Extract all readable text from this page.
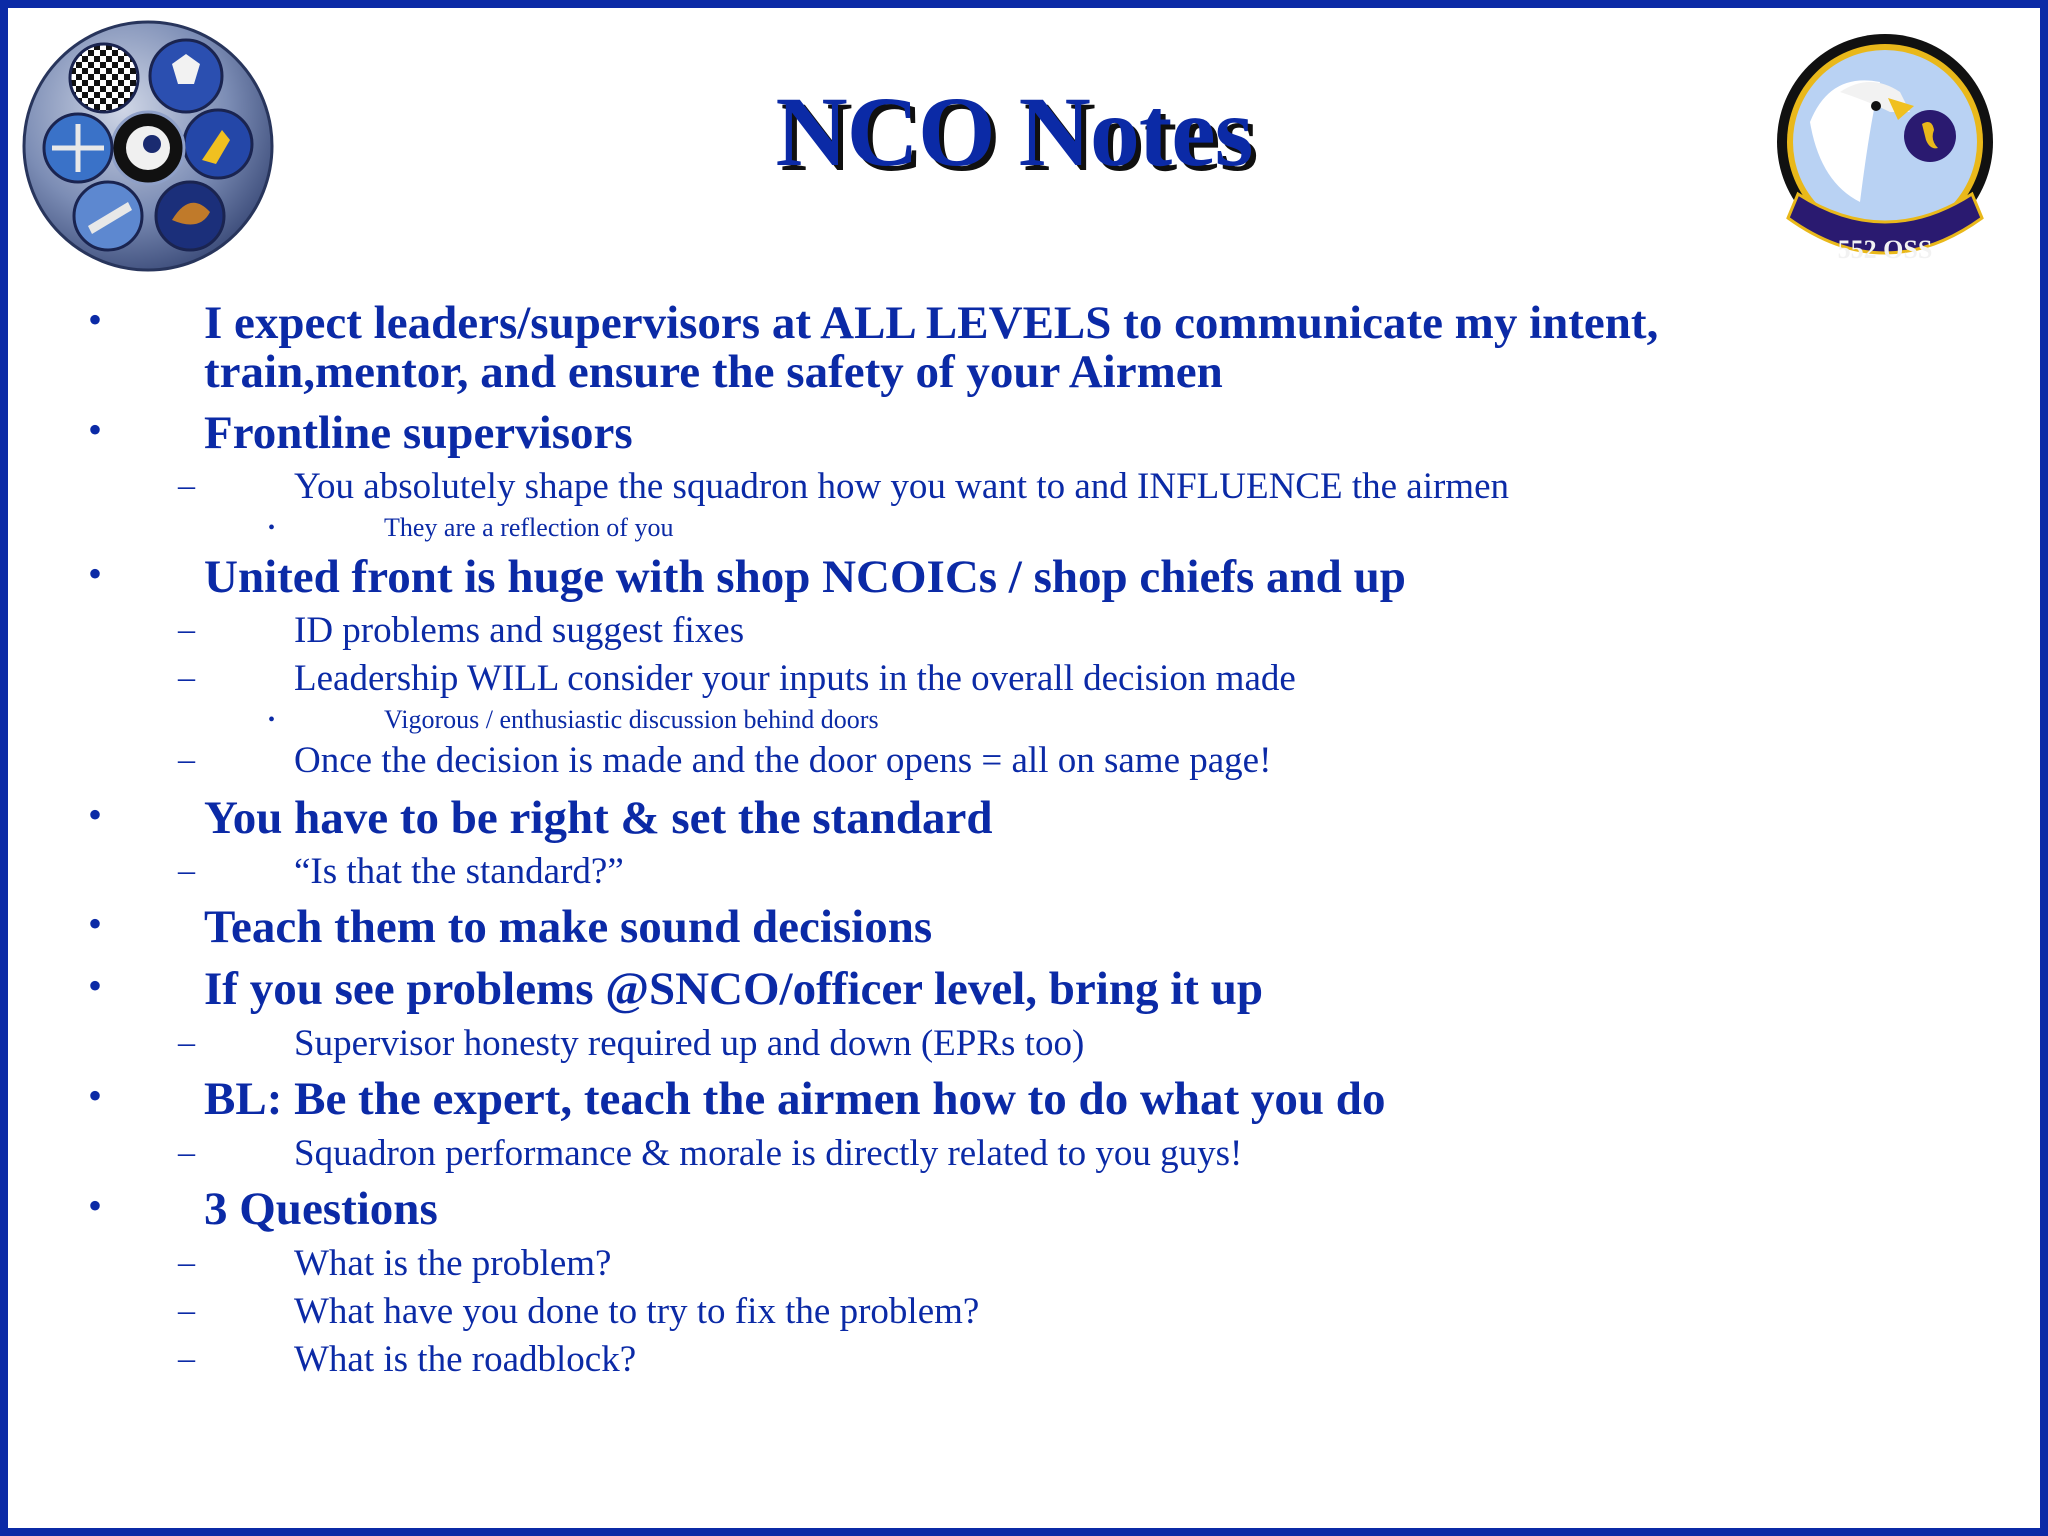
552 OSS
NCO Notes
• I expect leaders/supervisors at ALL LEVELS to communicate my intent,
train,mentor, and ensure the safety of your Airmen
• Frontline supervisors
–	You absolutely shape the squadron how you want to and INFLUENCE the airmen
•	They are a reflection of you
• United front is huge with shop NCOICs / shop chiefs and up
–	ID problems and suggest fixes
–	Leadership WILL consider your inputs in the overall decision made
•	Vigorous / enthusiastic discussion behind doors
–	Once the decision is made and the door opens = all on same page!
• You have to be right & set the standard
–	“Is that the standard?”
• Teach them to make sound decisions
• If you see problems @SNCO/officer level, bring it up
–	Supervisor honesty required up and down (EPRs too)
• BL: Be the expert, teach the airmen how to do what you do
–	Squadron performance & morale is directly related to you guys!
• 3 Questions
–	What is the problem?
–	What have you done to try to fix the problem?
–	What is the roadblock?
